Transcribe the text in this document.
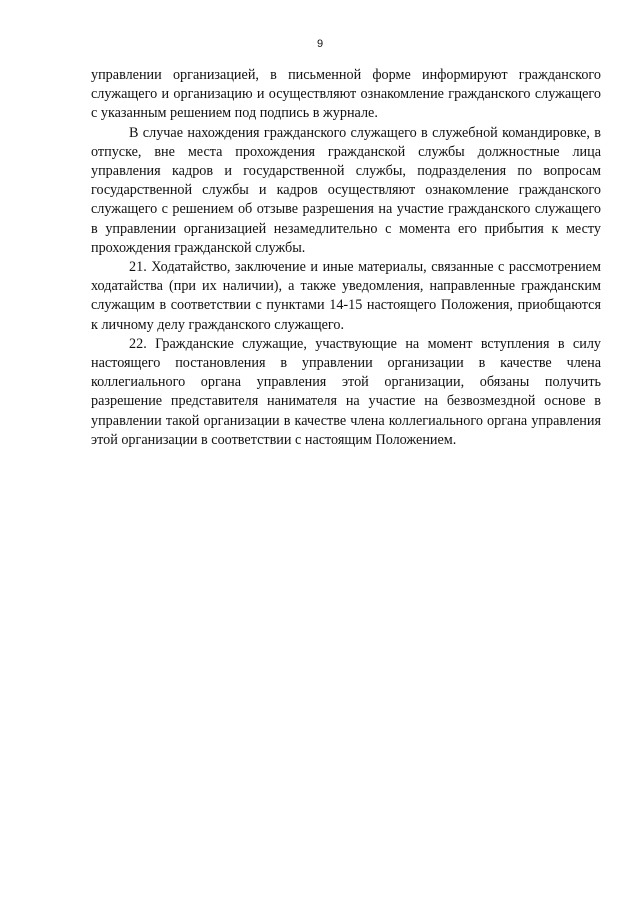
9

управлении организацией, в письменной форме информируют гражданского служащего и организацию и осуществляют ознакомление гражданского служащего с указанным решением под подпись в журнале.

В случае нахождения гражданского служащего в служебной командировке, в отпуске, вне места прохождения гражданской службы должностные лица управления кадров и государственной службы, подразделения по вопросам государственной службы и кадров осуществляют ознакомление гражданского служащего с решением об отзыве разрешения на участие гражданского служащего в управлении организацией незамедлительно с момента его прибытия к месту прохождения гражданской службы.

21. Ходатайство, заключение и иные материалы, связанные с рассмотрением ходатайства (при их наличии), а также уведомления, направленные гражданским служащим в соответствии с пунктами 14-15 настоящего Положения, приобщаются к личному делу гражданского служащего.

22. Гражданские служащие, участвующие на момент вступления в силу настоящего постановления в управлении организации в качестве члена коллегиального органа управления этой организации, обязаны получить разрешение представителя нанимателя на участие на безвозмездной основе в управлении такой организации в качестве члена коллегиального органа управления этой организации в соответствии с настоящим Положением.
